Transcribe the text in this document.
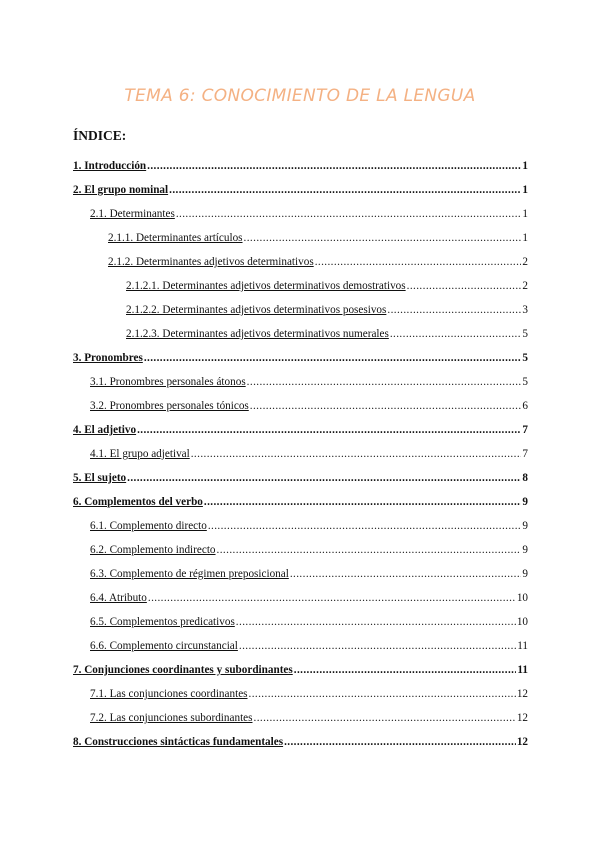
TEMA 6: CONOCIMIENTO DE LA LENGUA
ÍNDICE:
1. Introducción .....	1
2. El grupo nominal .....	1
2.1. Determinantes .....	1
2.1.1. Determinantes artículos .....	1
2.1.2. Determinantes adjetivos determinativos .....	2
2.1.2.1. Determinantes adjetivos determinativos demostrativos .....	2
2.1.2.2. Determinantes adjetivos determinativos posesivos .....	3
2.1.2.3. Determinantes adjetivos determinativos numerales .....	5
3. Pronombres .....	5
3.1. Pronombres personales átonos .....	5
3.2. Pronombres personales tónicos .....	6
4. El adjetivo .....	7
4.1. El grupo adjetival .....	7
5. El sujeto .....	8
6. Complementos del verbo .....	9
6.1. Complemento directo .....	9
6.2. Complemento indirecto .....	9
6.3. Complemento de régimen preposicional .....	9
6.4. Atributo .....	10
6.5. Complementos predicativos .....	10
6.6. Complemento circunstancial .....	11
7. Conjunciones coordinantes y subordinantes .....	11
7.1. Las conjunciones coordinantes .....	12
7.2. Las conjunciones subordinantes .....	12
8. Construcciones sintácticas fundamentales .....	12
